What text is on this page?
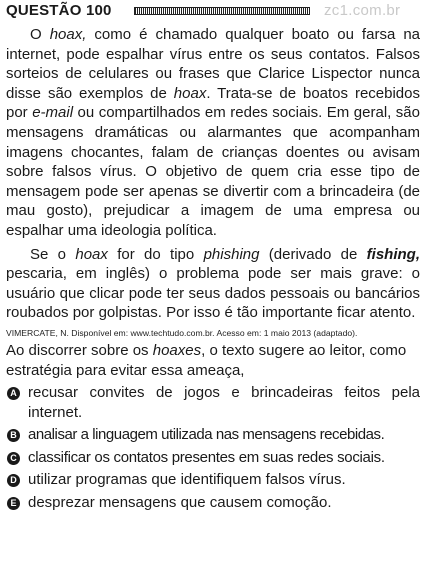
QUESTÃO 100	zc1.com.br

O hoax, como é chamado qualquer boato ou farsa na internet, pode espalhar vírus entre os seus contatos. Falsos sorteios de celulares ou frases que Clarice Lispector nunca disse são exemplos de hoax. Trata-se de boatos recebidos por e-mail ou compartilhados em redes sociais. Em geral, são mensagens dramáticas ou alarmantes que acompanham imagens chocantes, falam de crianças doentes ou avisam sobre falsos vírus. O objetivo de quem cria esse tipo de mensagem pode ser apenas se divertir com a brincadeira (de mau gosto), prejudicar a imagem de uma empresa ou espalhar uma ideologia política.

Se o hoax for do tipo phishing (derivado de fishing, pescaria, em inglês) o problema pode ser mais grave: o usuário que clicar pode ter seus dados pessoais ou bancários roubados por golpistas. Por isso é tão importante ficar atento.

VIMERCATE, N. Disponível em: www.techtudo.com.br. Acesso em: 1 maio 2013 (adaptado).

Ao discorrer sobre os hoaxes, o texto sugere ao leitor, como estratégia para evitar essa ameaça,

A recusar convites de jogos e brincadeiras feitos pela internet.
B analisar a linguagem utilizada nas mensagens recebidas.
C classificar os contatos presentes em suas redes sociais.
D utilizar programas que identifiquem falsos vírus.
E desprezar mensagens que causem comoção.
